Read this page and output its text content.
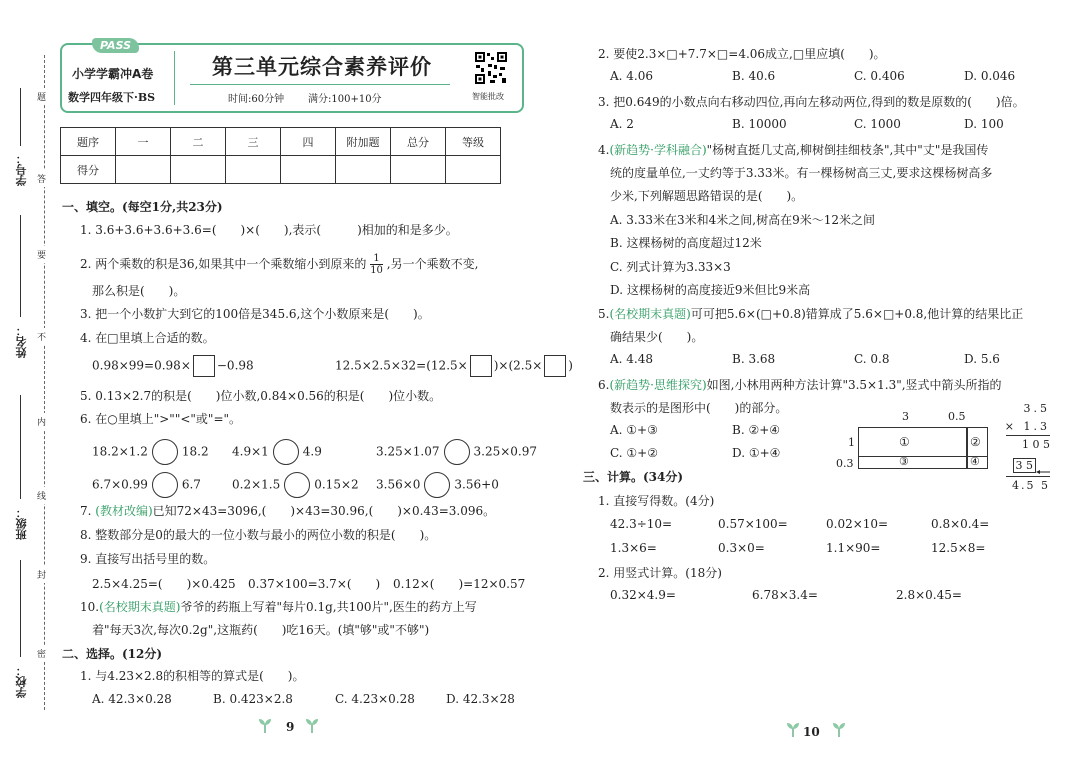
学号：
姓名：
班级：
学校：
题
答
要
不
内
线
封
密
PASS
小学学霸冲A卷
数学四年级下·BS
第三单元综合素养评价
时间:60分钟 满分:100+10分	智能批改
题序	一	二	三	四	附加题	总分	等级
得分							
一、填空。(每空1分,共23分)
1. 3.6+3.6+3.6+3.6=(　　)×(　　),表示(　　　)相加的和是多少。
2. 两个乘数的积是36,如果其中一个乘数缩小到原来的 $\frac{1}{10}$ ,另一个乘数不变,
那么积是(　　)。
3. 把一个小数扩大到它的100倍是345.6,这个小数原来是(　　)。
4. 在□里填上合适的数。
0.98×99=0.98× −0.98	12.5×2.5×32=(12.5× )×(2.5× )
5. 0.13×2.7的积是(　　)位小数,0.84×0.56的积是(　　)位小数。
6. 在○里填上">""<"或"="。
18.2×1.2	18.2 4.9×1	4.9	3.25×1.07	3.25×0.97
6.7×0.99	6.7	0.2×1.5	0.15×2 3.56×0	3.56+0
7. (教材改编)已知72×43=3096,(　　)×43=30.96,(　　)×0.43=3.096。
8. 整数部分是0的最大的一位小数与最小的两位小数的积是(　　)。
9. 直接写出括号里的数。
2.5×4.25=(　　)×0.425 0.37×100=3.7×(　　) 0.12×(　　)=12×0.57
10.(名校期末真题)爷爷的药瓶上写着"每片0.1g,共100片",医生的药方上写
着"每天3次,每次0.2g",这瓶药(　　)吃16天。(填"够"或"不够")
二、选择。(12分)
1. 与4.23×2.8的积相等的算式是(　　)。
A. 42.3×0.28	B. 0.423×2.8	C. 4.23×0.28	D. 42.3×28
9
2. 要使2.3×□+7.7×□=4.06成立,□里应填(　　)。
A. 4.06	B. 40.6	C. 0.406	D. 0.046
3. 把0.649的小数点向右移动四位,再向左移动两位,得到的数是原数的(　　)倍。
A. 2	B. 10000	C. 1000	D. 100
4.(新趋势·学科融合)"杨树直挺几丈高,柳树倒挂细枝条",其中"丈"是我国传
统的度量单位,一丈约等于3.33米。有一棵杨树高三丈,要求这棵杨树高多
少米,下列解题思路错误的是(　　)。
A. 3.33米在3米和4米之间,树高在9米～12米之间
B. 这棵杨树的高度超过12米
C. 列式计算为3.33×3
D. 这棵杨树的高度接近9米但比9米高
5.(名校期末真题)可可把5.6×(□+0.8)错算成了5.6×□+0.8,他计算的结果比正
确结果少(　　)。
A. 4.48	B. 3.68	C. 0.8	D. 5.6
6.(新趋势·思维探究)如图,小林用两种方法计算"3.5×1.3",竖式中箭头所指的
数表示的是图形中(　　)的部分。
A. ①+③	B. ②+④
C. ①+②	D. ①+④
3	0.5
1
0.3
①	②
③	④
3.5
× 1.3
1 0 5
3 5
4.5 5
三、计算。(34分)
1. 直接写得数。(4分)
42.3÷10=	0.57×100=	0.02×10=	0.8×0.4=
1.3×6=	0.3×0=	1.1×90=	12.5×8=
2. 用竖式计算。(18分)
0.32×4.9=	6.78×3.4=	2.8×0.45=
10
